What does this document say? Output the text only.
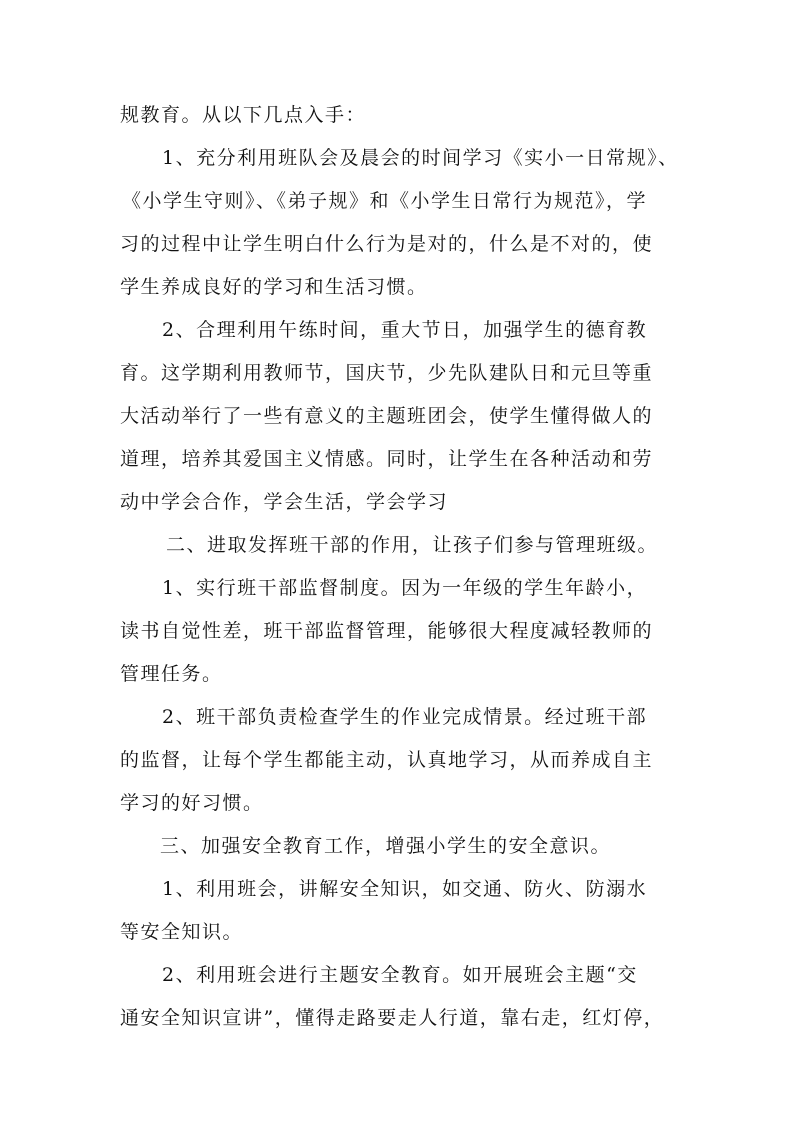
规教育。从以下几点入手：
1、充分利用班队会及晨会的时间学习《实小一日常规》、
《小学生守则》、《弟子规》和《小学生日常行为规范》，学
习的过程中让学生明白什么行为是对的，什么是不对的，使
学生养成良好的学习和生活习惯。
2、合理利用午练时间，重大节日，加强学生的德育教
育。这学期利用教师节，国庆节，少先队建队日和元旦等重
大活动举行了一些有意义的主题班团会，使学生懂得做人的
道理，培养其爱国主义情感。同时，让学生在各种活动和劳
动中学会合作，学会生活，学会学习
二、进取发挥班干部的作用，让孩子们参与管理班级。
1、实行班干部监督制度。因为一年级的学生年龄小，
读书自觉性差，班干部监督管理，能够很大程度减轻教师的
管理任务。
2、班干部负责检查学生的作业完成情景。经过班干部
的监督，让每个学生都能主动，认真地学习，从而养成自主
学习的好习惯。
三、加强安全教育工作，增强小学生的安全意识。
1、利用班会，讲解安全知识，如交通、防火、防溺水
等安全知识。
2、利用班会进行主题安全教育。如开展班会主题“交
通安全知识宣讲”，懂得走路要走人行道，靠右走，红灯停，
